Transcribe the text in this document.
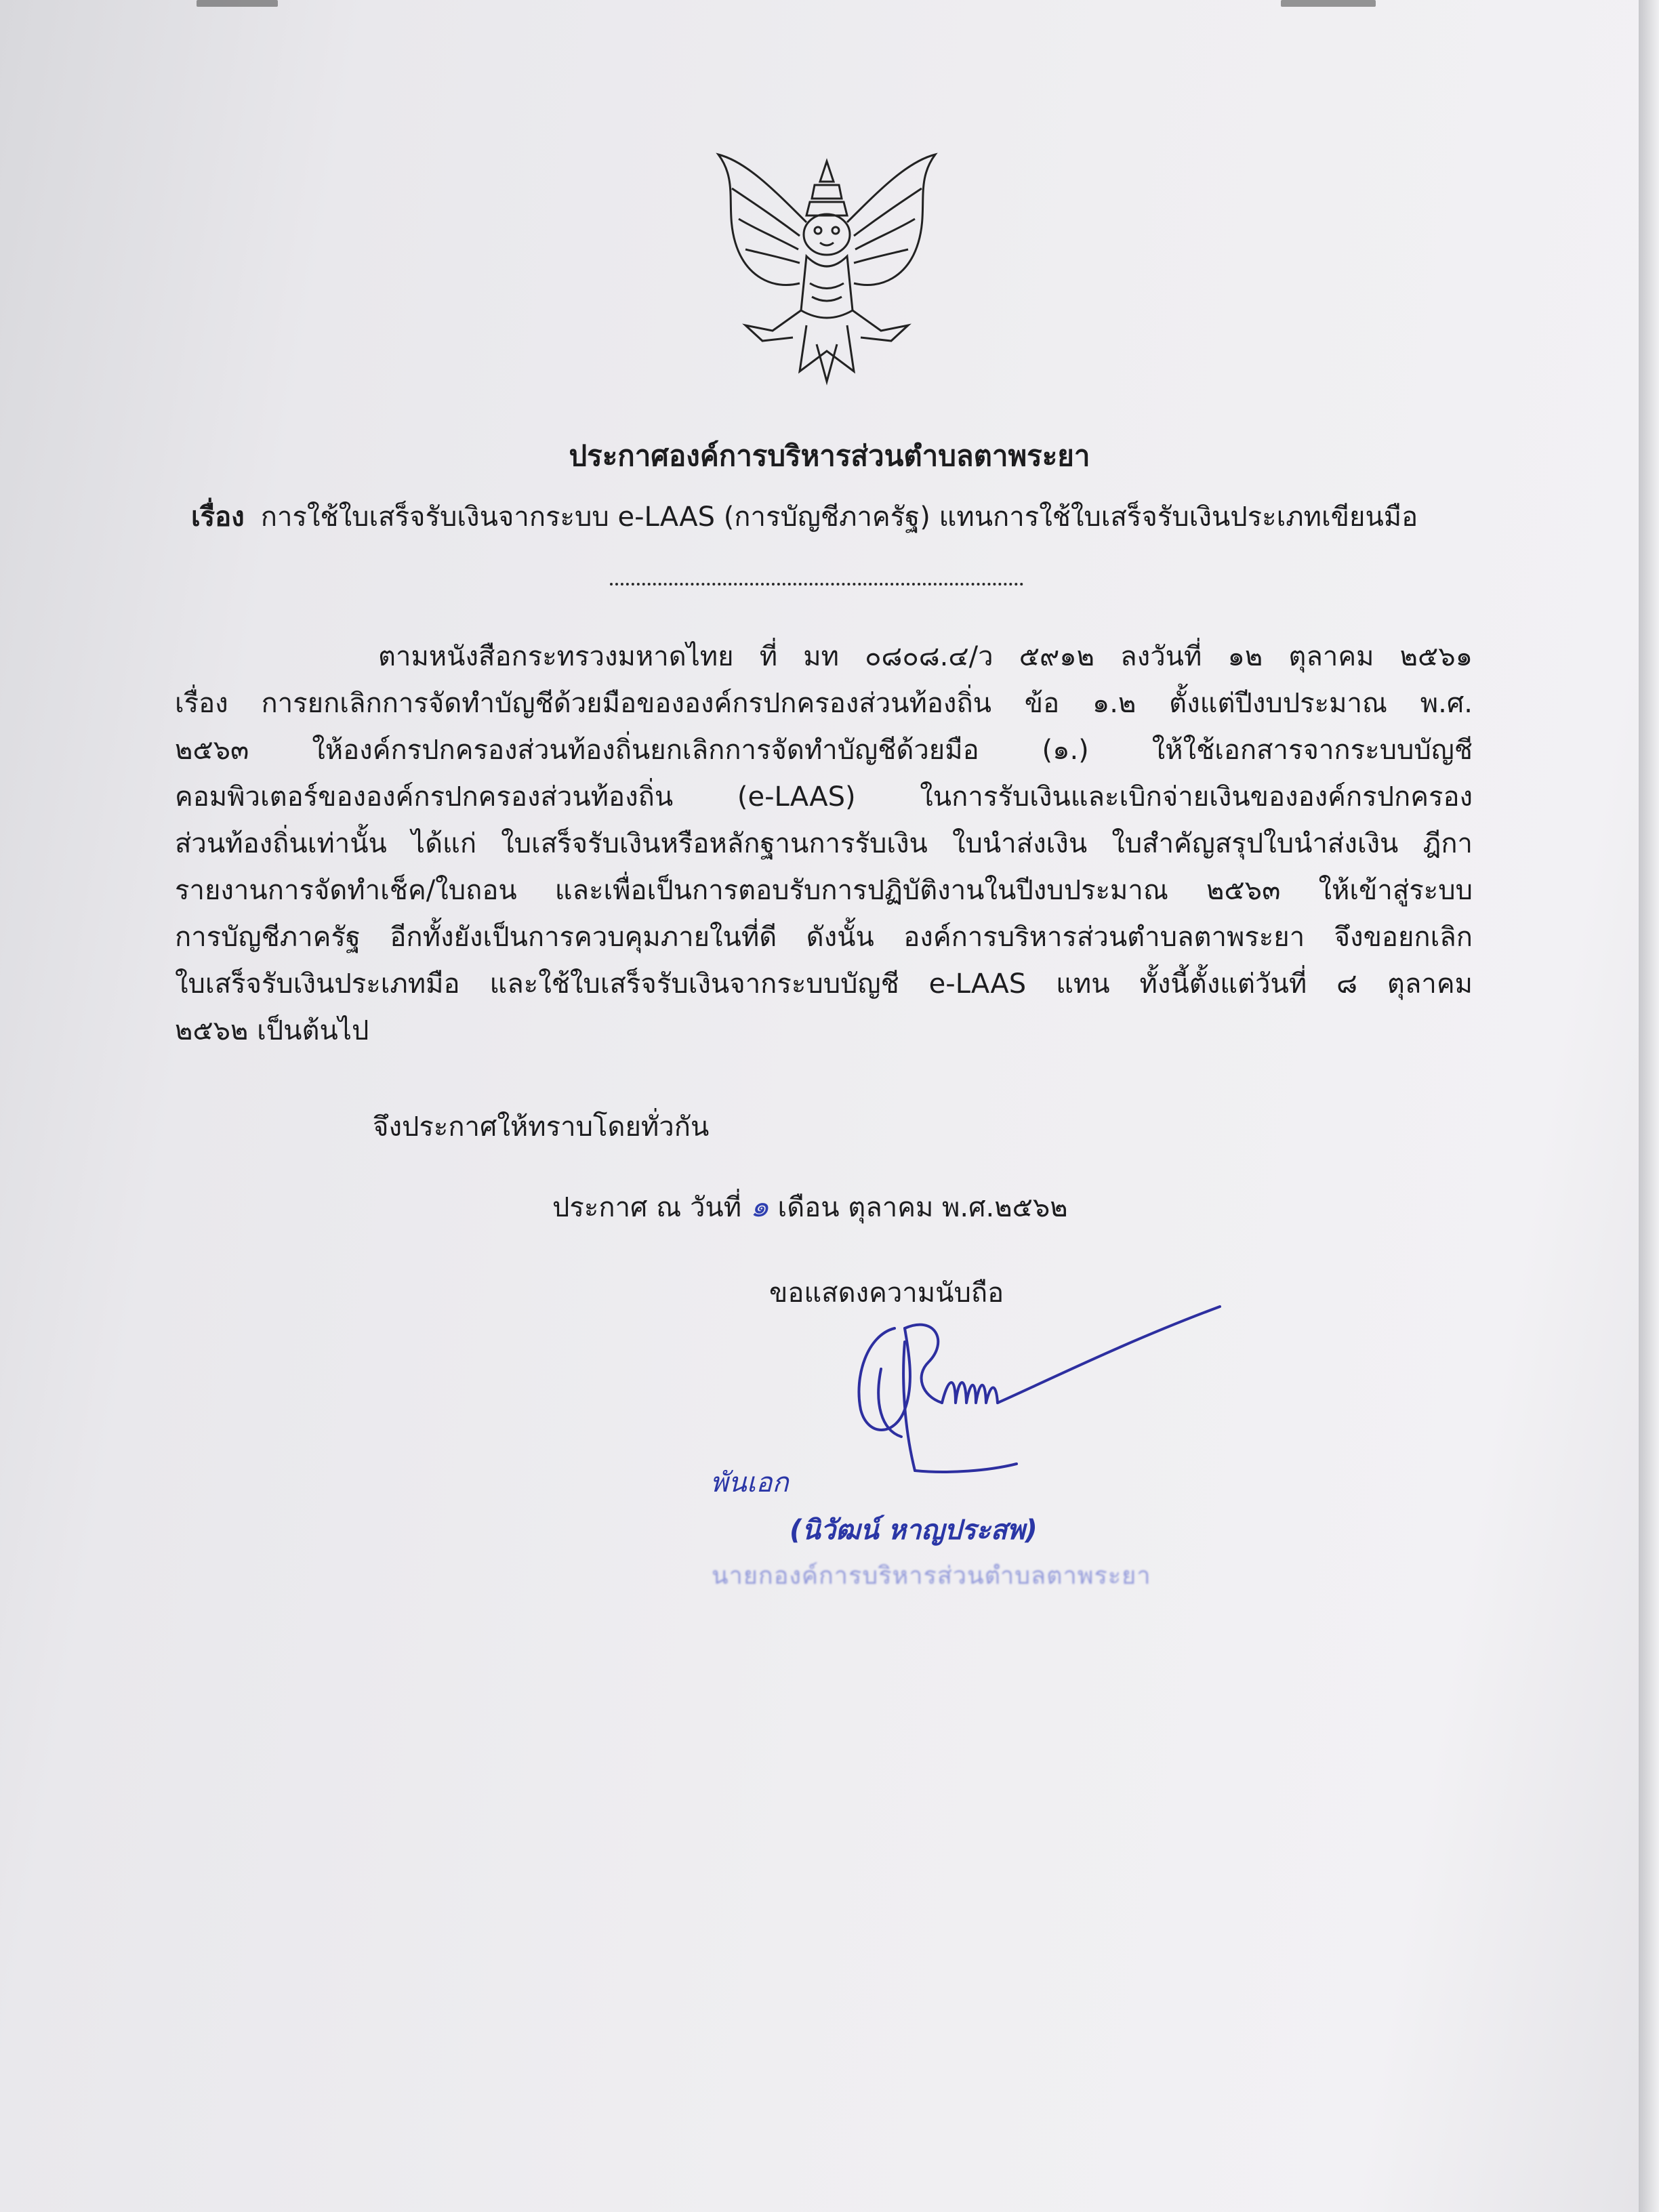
ประกาศองค์การบริหารส่วนตำบลตาพระยา
เรื่อง การใช้ใบเสร็จรับเงินจากระบบ e-LAAS (การบัญชีภาครัฐ) แทนการใช้ใบเสร็จรับเงินประเภทเขียนมือ
ตามหนังสือกระทรวงมหาดไทย ที่ มท ๐๘๐๘.๔/ว ๕๙๑๒ ลงวันที่ ๑๒ ตุลาคม ๒๕๖๑
เรื่อง การยกเลิกการจัดทำบัญชีด้วยมือขององค์กรปกครองส่วนท้องถิ่น ข้อ ๑.๒ ตั้งแต่ปีงบประมาณ พ.ศ.
๒๕๖๓ ให้องค์กรปกครองส่วนท้องถิ่นยกเลิกการจัดทำบัญชีด้วยมือ (๑.) ให้ใช้เอกสารจากระบบบัญชี
คอมพิวเตอร์ขององค์กรปกครองส่วนท้องถิ่น (e-LAAS) ในการรับเงินและเบิกจ่ายเงินขององค์กรปกครอง
ส่วนท้องถิ่นเท่านั้น ได้แก่ ใบเสร็จรับเงินหรือหลักฐานการรับเงิน ใบนำส่งเงิน ใบสำคัญสรุปใบนำส่งเงิน ฎีกา
รายงานการจัดทำเช็ค/ใบถอน และเพื่อเป็นการตอบรับการปฏิบัติงานในปีงบประมาณ ๒๕๖๓ ให้เข้าสู่ระบบ
การบัญชีภาครัฐ อีกทั้งยังเป็นการควบคุมภายในที่ดี ดังนั้น องค์การบริหารส่วนตำบลตาพระยา จึงขอยกเลิก
ใบเสร็จรับเงินประเภทมือ และใช้ใบเสร็จรับเงินจากระบบบัญชี e-LAAS แทน ทั้งนี้ตั้งแต่วันที่ ๘ ตุลาคม
๒๕๖๒ เป็นต้นไป
จึงประกาศให้ทราบโดยทั่วกัน
ประกาศ ณ วันที่ ๑ เดือน ตุลาคม พ.ศ.๒๕๖๒
ขอแสดงความนับถือ
พันเอก
(นิวัฒน์ หาญประสพ)
นายกองค์การบริหารส่วนตำบลตาพระยา
